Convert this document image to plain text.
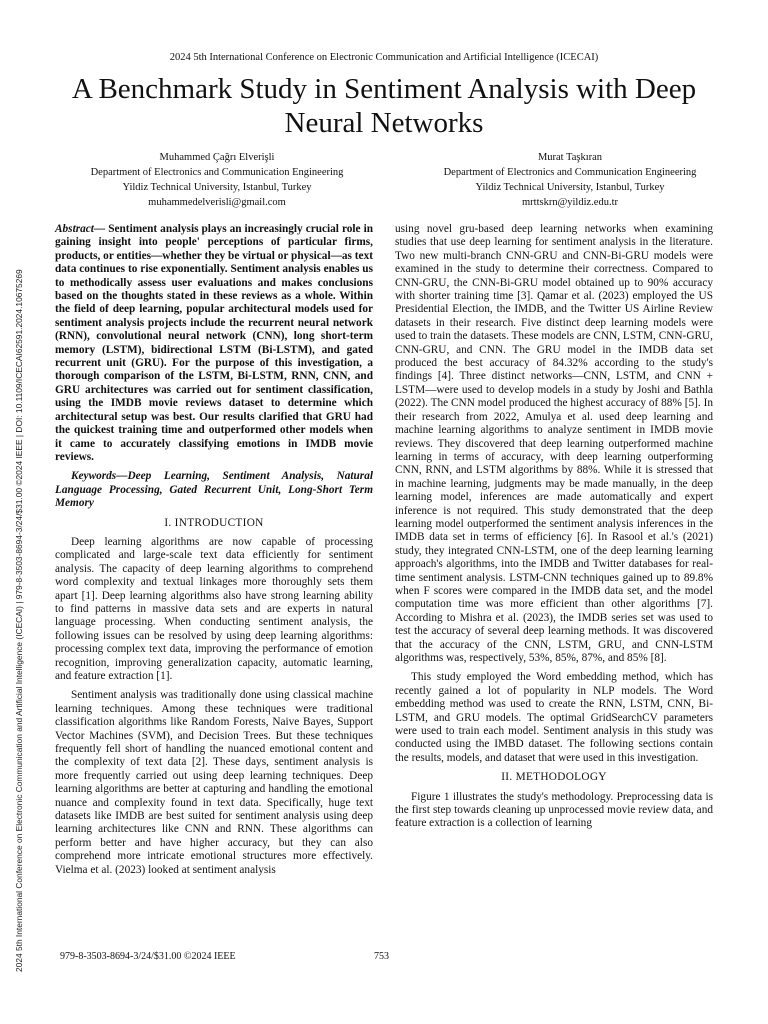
2024 5th International Conference on Electronic Communication and Artificial Intelligence (ICECAI)
A Benchmark Study in Sentiment Analysis with Deep Neural Networks
2024 5th International Conference on Electronic Communication and Artificial Intelligence (ICECAI) | 979-8-3503-8694-3/24/$31.00 ©2024 IEEE | DOI: 10.1109/ICECAI62591.2024.10675269
Muhammed Çağrı Elverişli
Department of Electronics and Communication Engineering
Yildiz Technical University, Istanbul, Turkey
muhammedelverisli@gmail.com
Murat Taşkıran
Department of Electronics and Communication Engineering
Yildiz Technical University, Istanbul, Turkey
mrttskrn@yildiz.edu.tr

Abstract— Sentiment analysis plays an increasingly crucial role in gaining insight into people' perceptions of particular firms, products, or entities—whether they be virtual or physical—as text data continues to rise exponentially. Sentiment analysis enables us to methodically assess user evaluations and makes conclusions based on the thoughts stated in these reviews as a whole. Within the field of deep learning, popular architectural models used for sentiment analysis projects include the recurrent neural network (RNN), convolutional neural network (CNN), long short-term memory (LSTM), bidirectional LSTM (Bi-LSTM), and gated recurrent unit (GRU). For the purpose of this investigation, a thorough comparison of the LSTM, Bi-LSTM, RNN, CNN, and GRU architectures was carried out for sentiment classification, using the IMDB movie reviews dataset to determine which architectural setup was best. Our results clarified that GRU had the quickest training time and outperformed other models when it came to accurately classifying emotions in IMDB movie reviews.

Keywords—Deep Learning, Sentiment Analysis, Natural Language Processing, Gated Recurrent Unit, Long-Short Term Memory

I. INTRODUCTION

Deep learning algorithms are now capable of processing complicated and large-scale text data efficiently for sentiment analysis. The capacity of deep learning algorithms to comprehend word complexity and textual linkages more thoroughly sets them apart [1]. Deep learning algorithms also have strong learning ability to find patterns in massive data sets and are experts in natural language processing. When conducting sentiment analysis, the following issues can be resolved by using deep learning algorithms: processing complex text data, improving the performance of emotion recognition, improving generalization capacity, automatic learning, and feature extraction [1].

Sentiment analysis was traditionally done using classical machine learning techniques. Among these techniques were traditional classification algorithms like Random Forests, Naive Bayes, Support Vector Machines (SVM), and Decision Trees. But these techniques frequently fell short of handling the nuanced emotional content and the complexity of text data [2]. These days, sentiment analysis is more frequently carried out using deep learning techniques. Deep learning algorithms are better at capturing and handling the emotional nuance and complexity found in text data. Specifically, huge text datasets like IMDB are best suited for sentiment analysis using deep learning architectures like CNN and RNN. These algorithms can perform better and have higher accuracy, but they can also comprehend more intricate emotional structures more effectively. Vielma et al. (2023) looked at sentiment analysis

using novel gru-based deep learning networks when examining studies that use deep learning for sentiment analysis in the literature. Two new multi-branch CNN-GRU and CNN-Bi-GRU models were examined in the study to determine their correctness. Compared to CNN-GRU, the CNN-Bi-GRU model obtained up to 90% accuracy with shorter training time [3]. Qamar et al. (2023) employed the US Presidential Election, the IMDB, and the Twitter US Airline Review datasets in their research. Five distinct deep learning models were used to train the datasets. These models are CNN, LSTM, CNN-GRU, CNN-GRU, and CNN. The GRU model in the IMDB data set produced the best accuracy of 84.32% according to the study's findings [4]. Three distinct networks—CNN, LSTM, and CNN + LSTM—were used to develop models in a study by Joshi and Bathla (2022). The CNN model produced the highest accuracy of 88% [5]. In their research from 2022, Amulya et al. used deep learning and machine learning algorithms to analyze sentiment in IMDB movie reviews. They discovered that deep learning outperformed machine learning in terms of accuracy, with deep learning outperforming CNN, RNN, and LSTM algorithms by 88%. While it is stressed that in machine learning, judgments may be made manually, in the deep learning model, inferences are made automatically and expert inference is not required. This study demonstrated that the deep learning model outperformed the sentiment analysis inferences in the IMDB data set in terms of efficiency [6]. In Rasool et al.'s (2021) study, they integrated CNN-LSTM, one of the deep learning learning approach's algorithms, into the IMDB and Twitter databases for real-time sentiment analysis. LSTM-CNN techniques gained up to 89.8% when F scores were compared in the IMDB data set, and the model computation time was more efficient than other algorithms [7]. According to Mishra et al. (2023), the IMDB series set was used to test the accuracy of several deep learning methods. It was discovered that the accuracy of the CNN, LSTM, GRU, and CNN-LSTM algorithms was, respectively, 53%, 85%, 87%, and 85% [8].

This study employed the Word embedding method, which has recently gained a lot of popularity in NLP models. The Word embedding method was used to create the RNN, LSTM, CNN, Bi-LSTM, and GRU models. The optimal GridSearchCV parameters were used to train each model. Sentiment analysis in this study was conducted using the IMBD dataset. The following sections contain the results, models, and dataset that were used in this investigation.

II. METHODOLOGY

Figure 1 illustrates the study's methodology. Preprocessing data is the first step towards cleaning up unprocessed movie review data, and feature extraction is a collection of learning

979-8-3503-8694-3/24/$31.00 ©2024 IEEE	753
